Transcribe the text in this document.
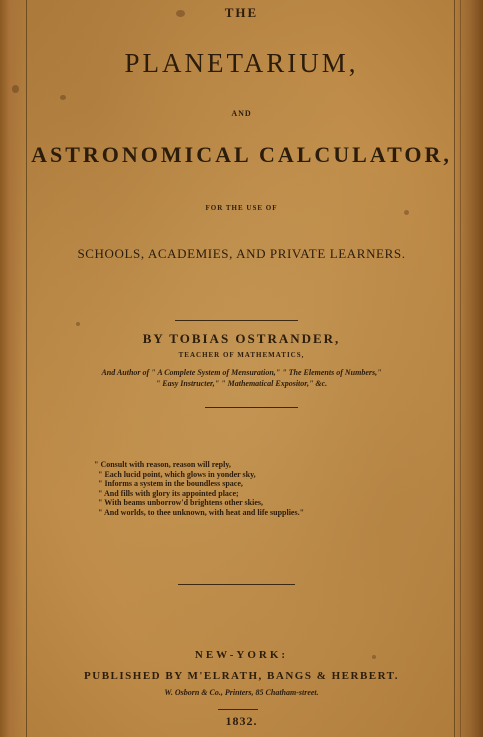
THE
PLANETARIUM,
AND
ASTRONOMICAL CALCULATOR,
FOR THE USE OF
SCHOOLS, ACADEMIES, AND PRIVATE LEARNERS.
BY TOBIAS OSTRANDER,
TEACHER OF MATHEMATICS,
And Author of " A Complete System of Mensuration," " The Elements of Numbers,"
" Easy Instructer," " Mathematical Expositor," &c.
" Consult with reason, reason will reply,
" Each lucid point, which glows in yonder sky,
" Informs a system in the boundless space,
" And fills with glory its appointed place;
" With beams unborrow'd brightens other skies,
" And worlds, to thee unknown, with heat and life supplies."
NEW-YORK:
PUBLISHED BY M'ELRATH, BANGS & HERBERT.
W. Osborn & Co., Printers, 85 Chatham-street.
1832.
